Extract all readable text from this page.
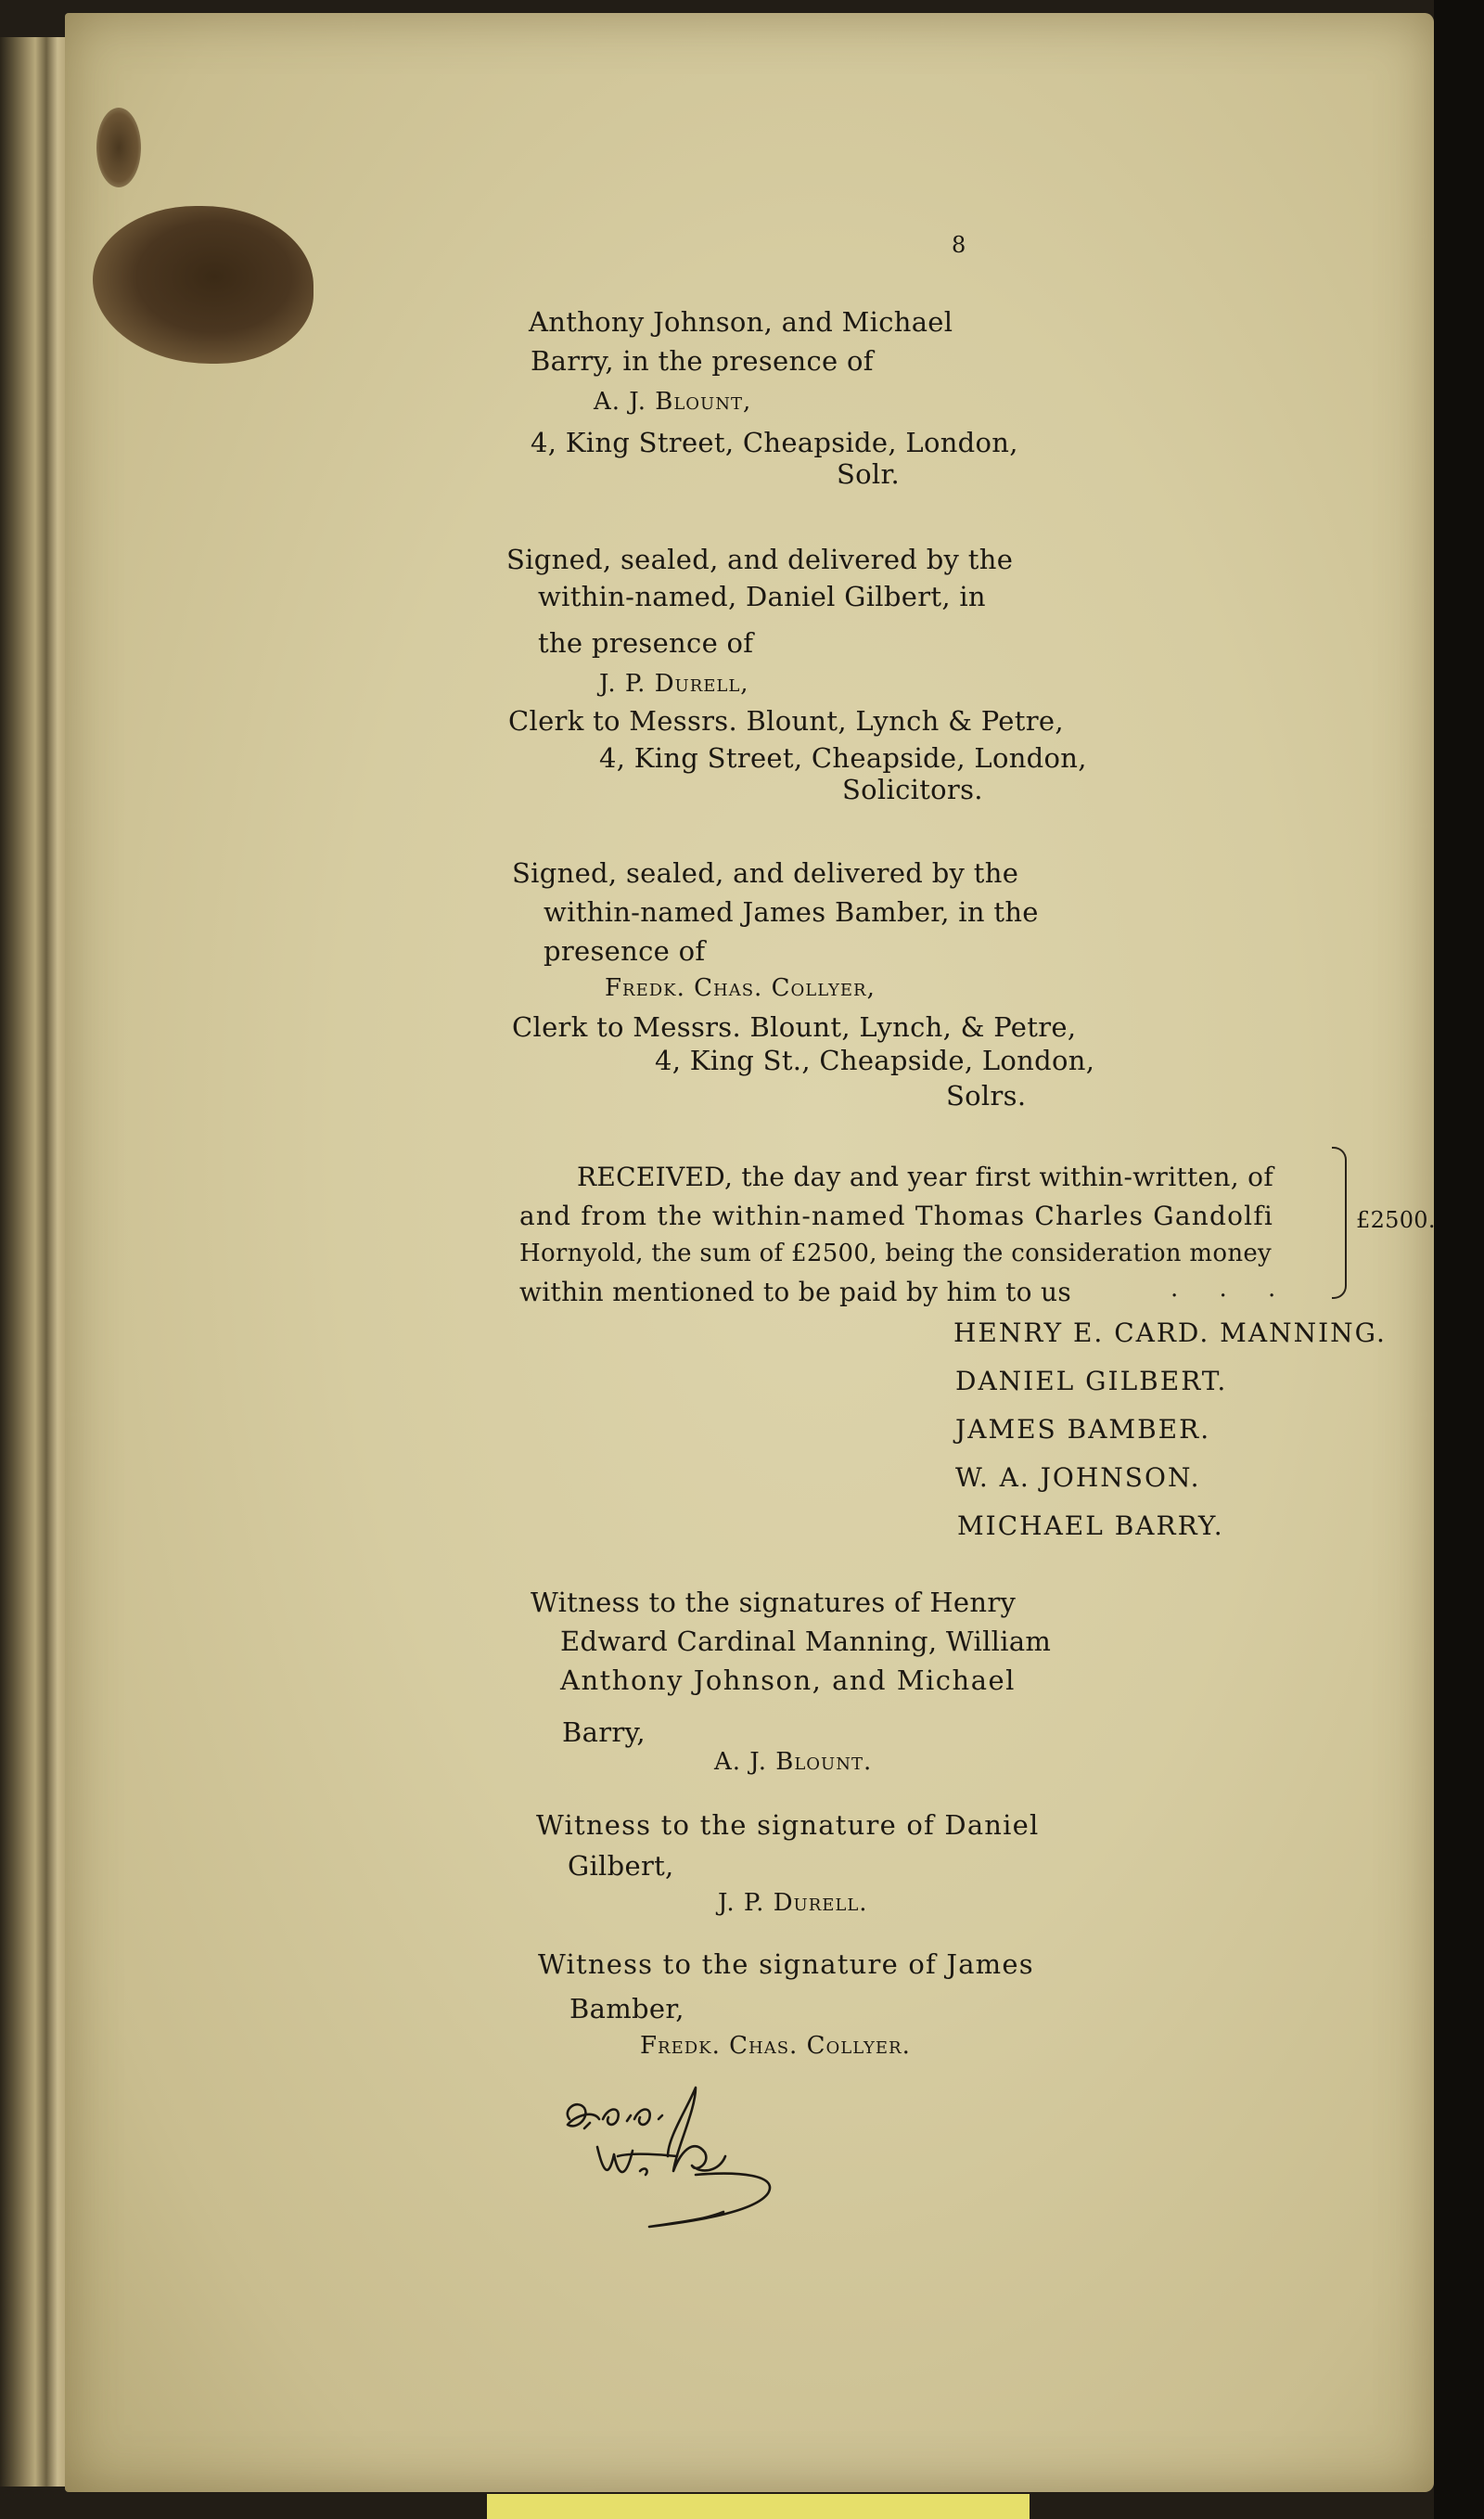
8
Anthony Johnson, and Michael
Barry, in the presence of
A. J. Blount,
4, King Street, Cheapside, London,
Solr.
Signed, sealed, and delivered by the
within-named, Daniel Gilbert, in
the presence of
J. P. Durell,
Clerk to Messrs. Blount, Lynch & Petre,
4, King Street, Cheapside, London,
Solicitors.
Signed, sealed, and delivered by the
within-named James Bamber, in the
presence of
Fredk. Chas. Collyer,
Clerk to Messrs. Blount, Lynch, & Petre,
4, King St., Cheapside, London,
Solrs.
RECEIVED, the day and year first within-written, of
and from the within-named Thomas Charles Gandolfi
Hornyold, the sum of £2500, being the consideration money
within mentioned to be paid by him to us	. . .
£2500.
HENRY E. CARD. MANNING.
DANIEL GILBERT.
JAMES BAMBER.
W. A. JOHNSON.
MICHAEL BARRY.
Witness to the signatures of Henry
Edward Cardinal Manning, William
Anthony Johnson, and Michael
Barry,
A. J. Blount.
Witness to the signature of Daniel
Gilbert,
J. P. Durell.
Witness to the signature of James
Bamber,
Fredk. Chas. Collyer.
